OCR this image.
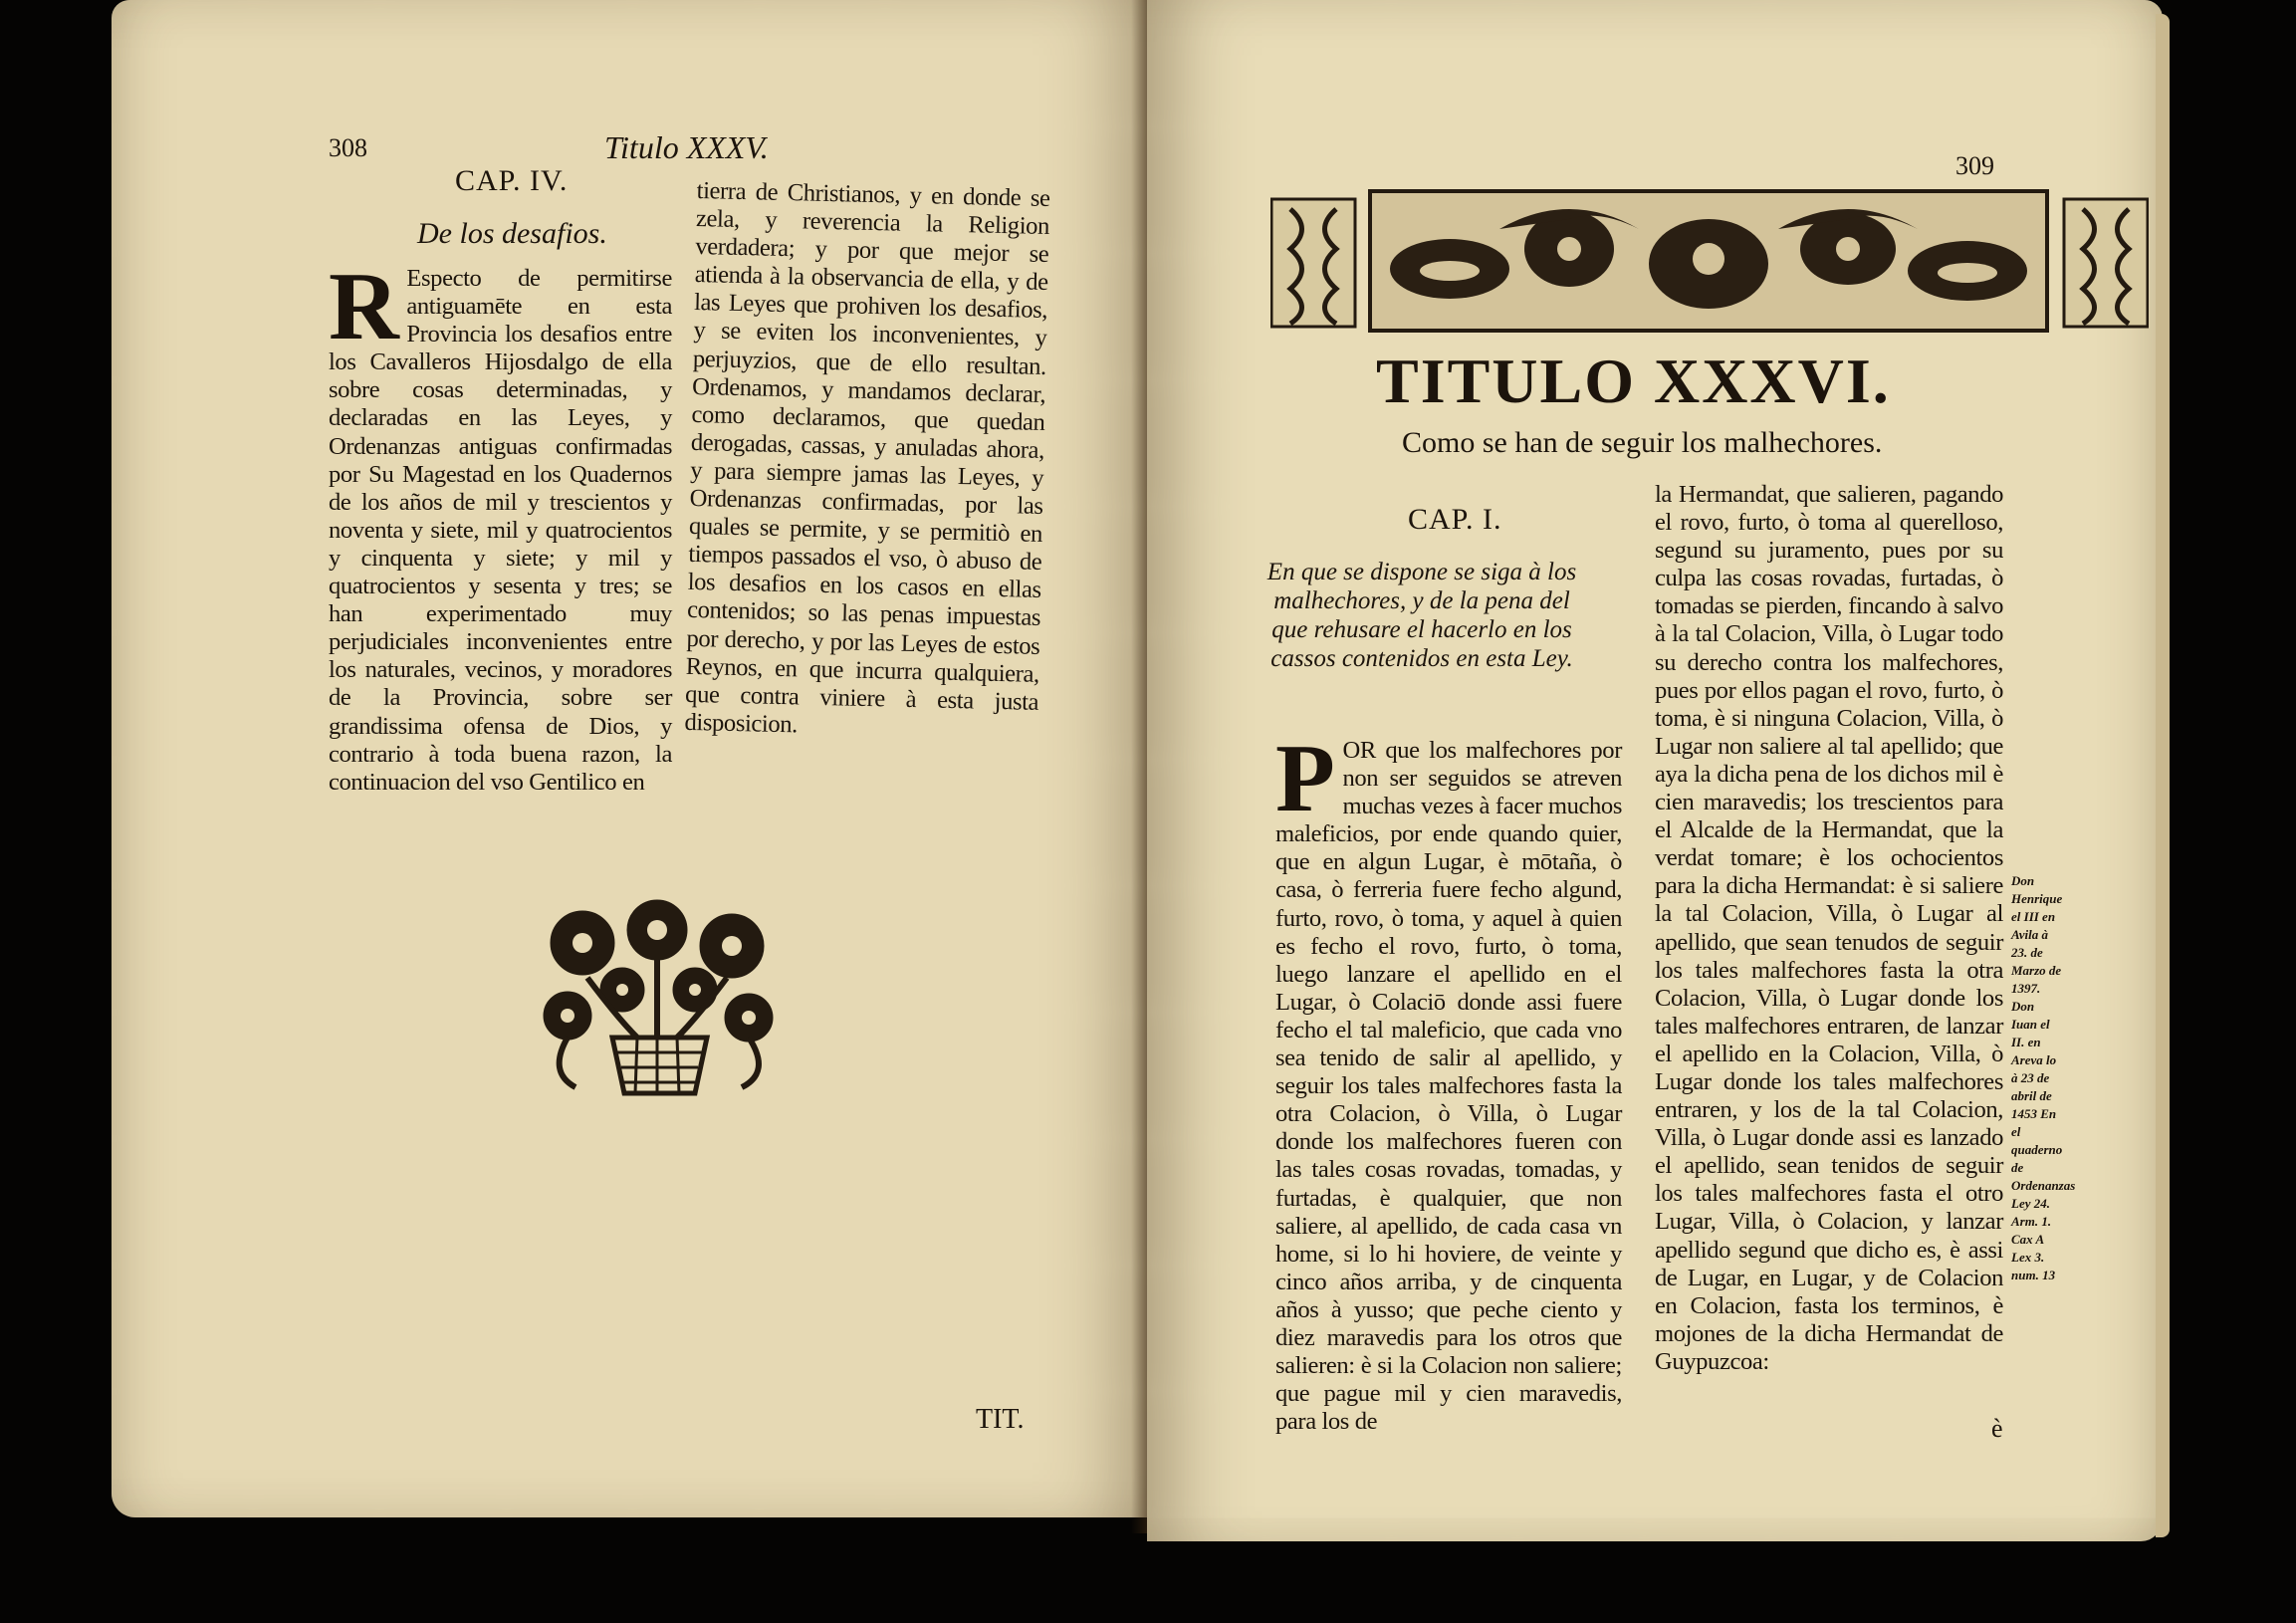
308	Titulo XXXV.
CAP. IV.
De los desafios.
R Especto de permitirse antiguamēte en esta Provincia los desafios entre los Cavalleros Hijosdalgo de ella sobre cosas determinadas, y declaradas en las Leyes, y Ordenanzas antiguas confirmadas por Su Magestad en los Quadernos de los años de mil y trescientos y noventa y siete, mil y quatrocientos y cinquenta y siete; y mil y quatrocientos y sesenta y tres; se han experimentado muy perjudiciales inconvenientes entre los naturales, vecinos, y moradores de la Provincia, sobre ser grandissima ofensa de Dios, y contrario à toda buena razon, la continuacion del vso Gentilico en
tierra de Christianos, y en donde se zela, y reverencia la Religion verdadera; y por que mejor se atienda à la observancia de ella, y de las Leyes que prohiven los desafios, y se eviten los inconvenientes, y perjuyzios, que de ello resultan. Ordenamos, y mandamos declarar, como declaramos, que quedan derogadas, cassas, y anuladas ahora, y para siempre jamas las Leyes, y Ordenanzas confirmadas, por las quales se permite, y se permitiò en tiempos passados el vso, ò abuso de los desafios en los casos en ellas contenidos; so las penas impuestas por derecho, y por las Leyes de estos Reynos, en que incurra qualquiera, que contra viniere à esta justa disposicion.
TIT.
309
TITULO XXXVI.
Como se han de seguir los malhechores.
CAP. I.
En que se dispone se siga à los malhechores, y de la pena del que rehusare el hacerlo en los cassos contenidos en esta Ley.
P OR que los malfechores por non ser seguidos se atreven muchas vezes à facer muchos maleficios, por ende quando quier, que en algun Lugar, è mōtaña, ò casa, ò ferreria fuere fecho algund, furto, rovo, ò toma, y aquel à quien es fecho el rovo, furto, ò toma, luego lanzare el apellido en el Lugar, ò Colaciō donde assi fuere fecho el tal maleficio, que cada vno sea tenido de salir al apellido, y seguir los tales malfechores fasta la otra Colacion, ò Villa, ò Lugar donde los malfechores fueren con las tales cosas rovadas, tomadas, y furtadas, è qualquier, que non saliere, al apellido, de cada casa vn home, si lo hi hoviere, de veinte y cinco años arriba, y de cinquenta años à yusso; que peche ciento y diez maravedis para los otros que salieren: è si la Colacion non saliere; que pague mil y cien maravedis, para los de
la Hermandat, que salieren, pagando el rovo, furto, ò toma al querelloso, segund su juramento, pues por su culpa las cosas rovadas, furtadas, ò tomadas se pierden, fincando à salvo à la tal Colacion, Villa, ò Lugar todo su derecho contra los malfechores, pues por ellos pagan el rovo, furto, ò toma, è si ninguna Colacion, Villa, ò Lugar non saliere al tal apellido; que aya la dicha pena de los dichos mil è cien maravedis; los trescientos para el Alcalde de la Hermandat, que la verdat tomare; è los ochocientos para la dicha Hermandat: è si saliere la tal Colacion, Villa, ò Lugar al apellido, que sean tenudos de seguir los tales malfechores fasta la otra Colacion, Villa, ò Lugar donde los tales malfechores entraren, de lanzar el apellido en la Colacion, Villa, ò Lugar donde los tales malfechores entraren, y los de la tal Colacion, Villa, ò Lugar donde assi es lanzado el apellido, sean tenidos de seguir los tales malfechores fasta el otro Lugar, Villa, ò Colacion, y lanzar apellido segund que dicho es, è assi de Lugar, en Lugar, y de Colacion en Colacion, fasta los terminos, è mojones de la dicha Hermandat de Guypuzcoa:
Don Henrique el III en Avila à 23. de Marzo de 1397. Don Iuan el II. en Areva lo à 23 de abril de 1453 En el quaderno de Ordenanzas Ley 24. Arm. 1. Cax A Lex 3. num. 13
è
